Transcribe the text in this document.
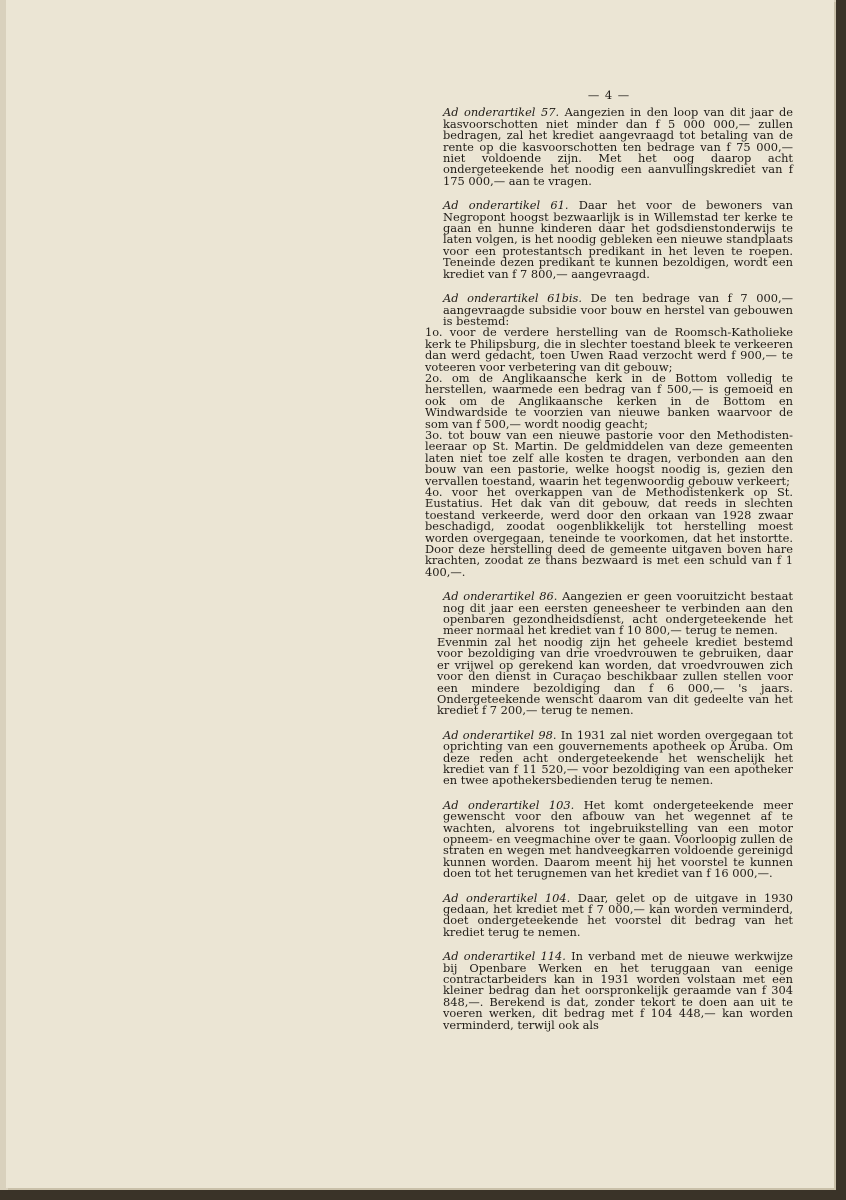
— 4 —

Ad onderartikel 57. Aangezien in den loop van dit jaar de kasvoorschotten niet minder dan f 5 000 000,— zullen bedragen, zal het krediet aangevraagd tot betaling van de rente op die kasvoorschotten ten bedrage van f 75 000,— niet voldoende zijn. Met het oog daarop acht ondergeteekende het noodig een aanvullingskrediet van f 175 000,— aan te vragen.

Ad onderartikel 61. Daar het voor de bewoners van Negropont hoogst bezwaarlijk is in Willemstad ter kerke te gaan en hunne kinderen daar het godsdienstonderwijs te laten volgen, is het noodig gebleken een nieuwe standplaats voor een protestantsch predikant in het leven te roepen. Teneinde dezen predikant te kunnen bezoldigen, wordt een krediet van f 7 800,— aangevraagd.

Ad onderartikel 61bis. De ten bedrage van f 7 000,— aangevraagde subsidie voor bouw en herstel van gebouwen is bestemd:

1o. voor de verdere herstelling van de Roomsch-Katholieke kerk te Philipsburg, die in slechter toestand bleek te verkeeren dan werd gedacht, toen Uwen Raad verzocht werd f 900,— te voteeren voor verbetering van dit gebouw;

2o. om de Anglikaansche kerk in de Bottom volledig te herstellen, waarmede een bedrag van f 500,— is gemoeid en ook om de Anglikaansche kerken in de Bottom en Windwardside te voorzien van nieuwe banken waarvoor de som van f 500,— wordt noodig geacht;

3o. tot bouw van een nieuwe pastorie voor den Methodisten-leeraar op St. Martin. De geldmiddelen van deze gemeenten laten niet toe zelf alle kosten te dragen, verbonden aan den bouw van een pastorie, welke hoogst noodig is, gezien den vervallen toestand, waarin het tegenwoordig gebouw verkeert;

4o. voor het overkappen van de Methodistenkerk op St. Eustatius. Het dak van dit gebouw, dat reeds in slechten toestand verkeerde, werd door den orkaan van 1928 zwaar beschadigd, zoodat oogenblikkelijk tot herstelling moest worden overgegaan, teneinde te voorkomen, dat het instortte. Door deze herstelling deed de gemeente uitgaven boven hare krachten, zoodat ze thans bezwaard is met een schuld van f 1 400,—.

Ad onderartikel 86. Aangezien er geen vooruitzicht bestaat nog dit jaar een eersten geneesheer te verbinden aan den openbaren gezondheidsdienst, acht ondergeteekende het meer normaal het krediet van f 10 800,— terug te nemen.

Evenmin zal het noodig zijn het geheele krediet bestemd voor bezoldiging van drie vroedvrouwen te gebruiken, daar er vrijwel op gerekend kan worden, dat vroedvrouwen zich voor den dienst in Curaçao beschikbaar zullen stellen voor een mindere bezoldiging dan f 6 000,— 's jaars. Ondergeteekende wenscht daarom van dit gedeelte van het krediet f 7 200,— terug te nemen.

Ad onderartikel 98. In 1931 zal niet worden overgegaan tot oprichting van een gouvernements apotheek op Aruba. Om deze reden acht ondergeteekende het wenschelijk het krediet van f 11 520,— voor bezoldiging van een apotheker en twee apothekersbedienden terug te nemen.

Ad onderartikel 103. Het komt ondergeteekende meer gewenscht voor den afbouw van het wegennet af te wachten, alvorens tot ingebruikstelling van een motor opneem- en veegmachine over te gaan. Voorloopig zullen de straten en wegen met handveegkarren voldoende gereinigd kunnen worden. Daarom meent hij het voorstel te kunnen doen tot het terugnemen van het krediet van f 16 000,—.

Ad onderartikel 104. Daar, gelet op de uitgave in 1930 gedaan, het krediet met f 7 000,— kan worden verminderd, doet ondergeteekende het voorstel dit bedrag van het krediet terug te nemen.

Ad onderartikel 114. In verband met de nieuwe werkwijze bij Openbare Werken en het teruggaan van eenige contractarbeiders kan in 1931 worden volstaan met een kleiner bedrag dan het oorspronkelijk geraamde van f 304 848,—. Berekend is dat, zonder tekort te doen aan uit te voeren werken, dit bedrag met f 104 448,— kan worden verminderd, terwijl ook als
